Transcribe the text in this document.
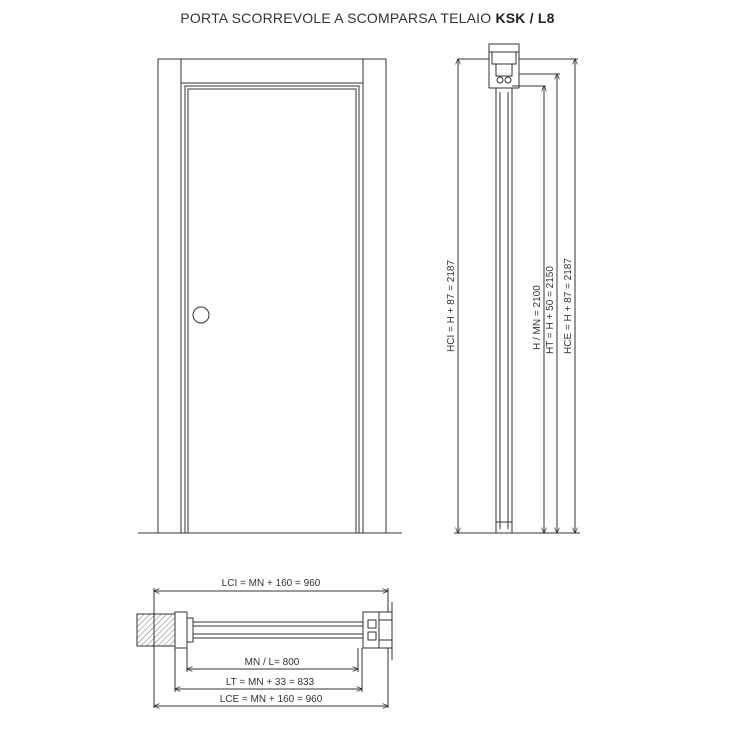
PORTA SCORREVOLE A SCOMPARSA TELAIO KSK / L8
HCI = H + 87 = 2187	H / MN = 2100 HT = H + 50 = 2150 HCE = H + 87 = 2187
LCI = MN + 160 = 960
MN / L= 800
LT = MN + 33 = 833
LCE = MN + 160 = 960
